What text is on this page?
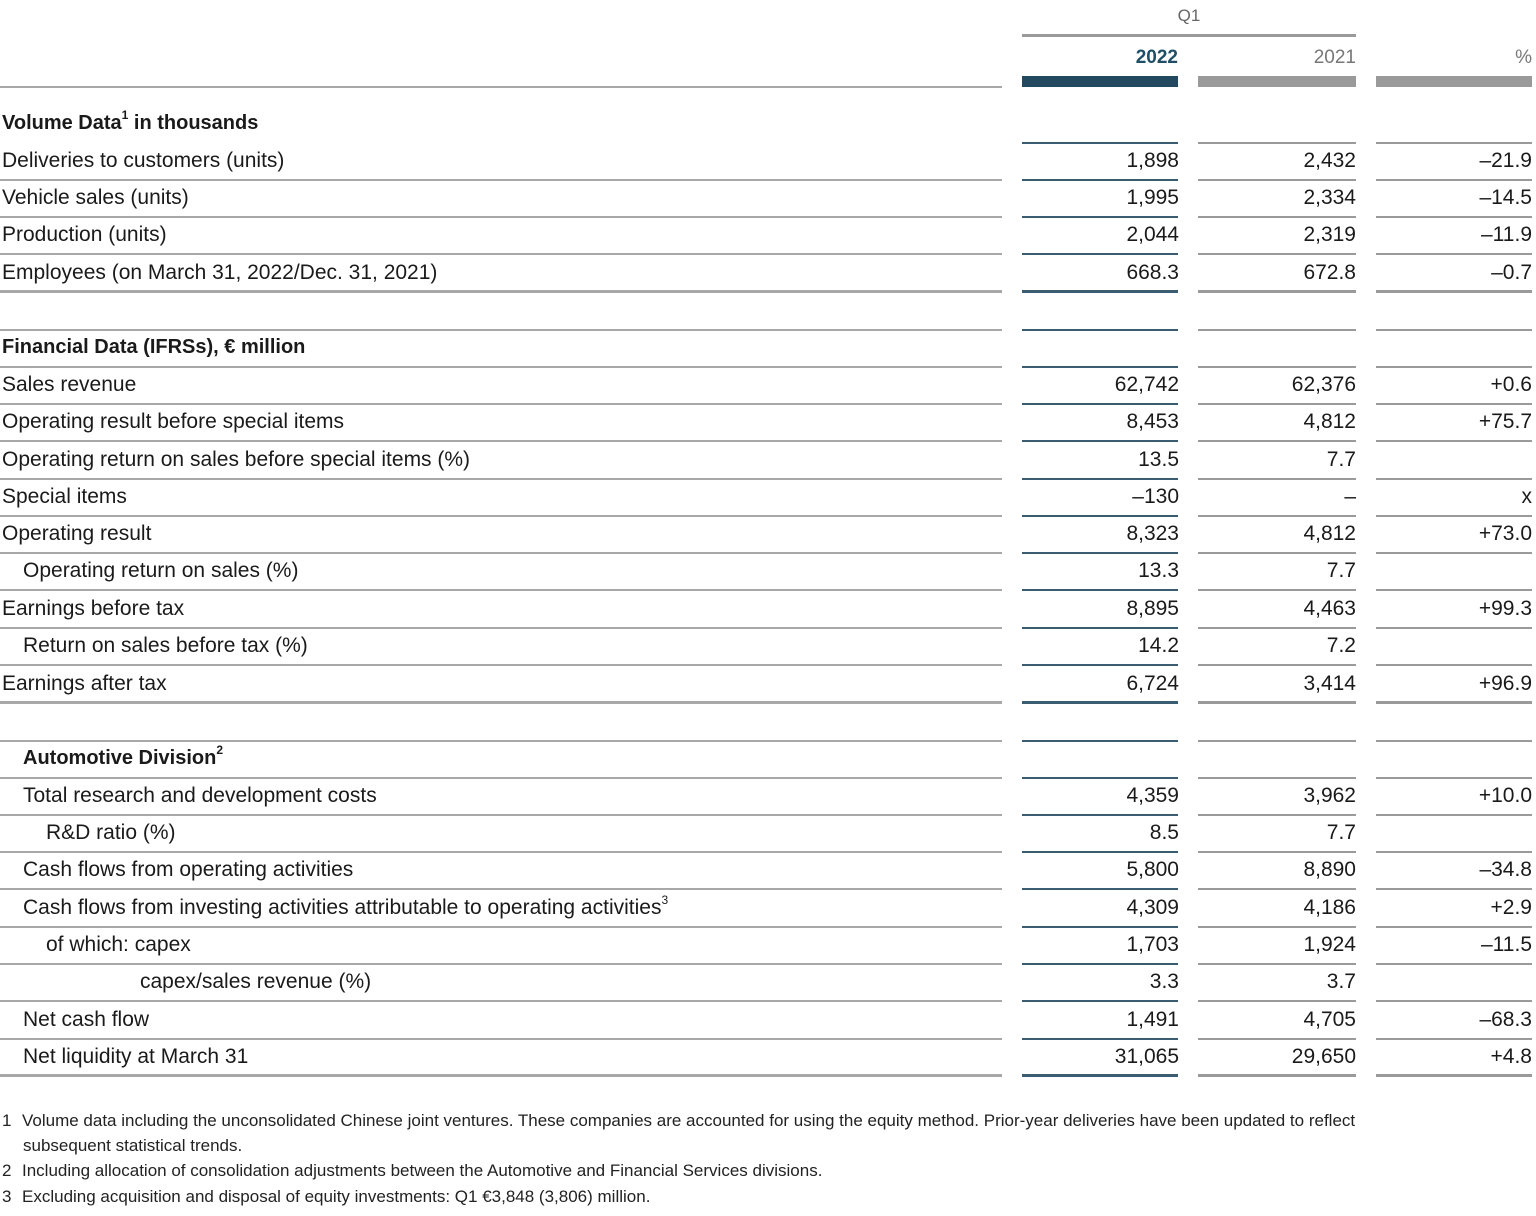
Q1
2022	2021	%
Volume Data$^1$ in thousands
Deliveries to customers (units)	1,898	2,432	–21.9
Vehicle sales (units)	1,995	2,334	–14.5
Production (units)	2,044	2,319	–11.9
Employees (on March 31, 2022/Dec. 31, 2021)	668.3	672.8	–0.7
Financial Data (IFRSs), € million
Sales revenue	62,742	62,376	+0.6
Operating result before special items	8,453	4,812	+75.7
Operating return on sales before special items (%)	13.5	7.7
Special items	–130	–	x
Operating result	8,323	4,812	+73.0
Operating return on sales (%)	13.3	7.7
Earnings before tax	8,895	4,463	+99.3
Return on sales before tax (%)	14.2	7.2
Earnings after tax	6,724	3,414	+96.9
Automotive Division$^2$
Total research and development costs	4,359	3,962	+10.0
R&D ratio (%)	8.5	7.7
Cash flows from operating activities	5,800	8,890	–34.8
Cash flows from investing activities attributable to operating activities$^3$	4,309	4,186	+2.9
of which: capex	1,703	1,924	–11.5
capex/sales revenue (%)	3.3	3.7
Net cash flow	1,491	4,705	–68.3
Net liquidity at March 31	31,065	29,650	+4.8
1 Volume data including the unconsolidated Chinese joint ventures. These companies are accounted for using the equity method. Prior-year deliveries have been updated to reflect
subsequent statistical trends.
2 Including allocation of consolidation adjustments between the Automotive and Financial Services divisions.
3 Excluding acquisition and disposal of equity investments: Q1 €3,848 (3,806) million.
